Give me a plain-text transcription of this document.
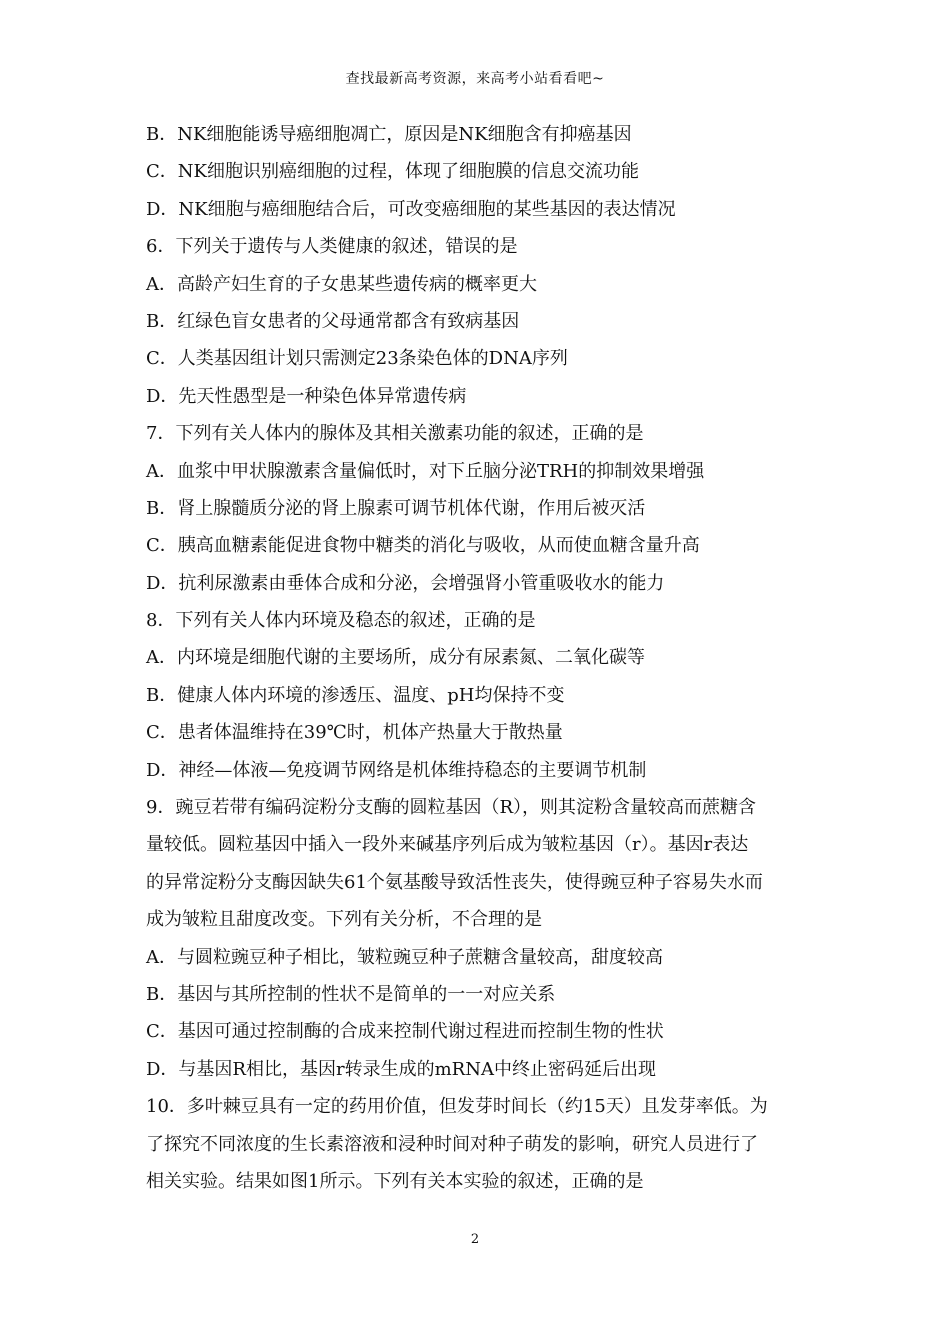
查找最新高考资源，来高考小站看看吧~
B．NK细胞能诱导癌细胞凋亡，原因是NK细胞含有抑癌基因
C．NK细胞识别癌细胞的过程，体现了细胞膜的信息交流功能
D．NK细胞与癌细胞结合后，可改变癌细胞的某些基因的表达情况
6．下列关于遗传与人类健康的叙述，错误的是
A．高龄产妇生育的子女患某些遗传病的概率更大
B．红绿色盲女患者的父母通常都含有致病基因
C．人类基因组计划只需测定23条染色体的DNA序列
D．先天性愚型是一种染色体异常遗传病
7．下列有关人体内的腺体及其相关激素功能的叙述，正确的是
A．血浆中甲状腺激素含量偏低时，对下丘脑分泌TRH的抑制效果增强
B．肾上腺髓质分泌的肾上腺素可调节机体代谢，作用后被灭活
C．胰高血糖素能促进食物中糖类的消化与吸收，从而使血糖含量升高
D．抗利尿激素由垂体合成和分泌，会增强肾小管重吸收水的能力
8．下列有关人体内环境及稳态的叙述，正确的是
A．内环境是细胞代谢的主要场所，成分有尿素氮、二氧化碳等
B．健康人体内环境的渗透压、温度、pH均保持不变
C．患者体温维持在39℃时，机体产热量大于散热量
D．神经—体液—免疫调节网络是机体维持稳态的主要调节机制
9．豌豆若带有编码淀粉分支酶的圆粒基因（R），则其淀粉含量较高而蔗糖含
量较低。圆粒基因中插入一段外来碱基序列后成为皱粒基因（r）。基因r表达
的异常淀粉分支酶因缺失61个氨基酸导致活性丧失，使得豌豆种子容易失水而
成为皱粒且甜度改变。下列有关分析，不合理的是
A．与圆粒豌豆种子相比，皱粒豌豆种子蔗糖含量较高，甜度较高
B．基因与其所控制的性状不是简单的一一对应关系
C．基因可通过控制酶的合成来控制代谢过程进而控制生物的性状
D．与基因R相比，基因r转录生成的mRNA中终止密码延后出现
10．多叶棘豆具有一定的药用价值，但发芽时间长（约15天）且发芽率低。为
了探究不同浓度的生长素溶液和浸种时间对种子萌发的影响，研究人员进行了
相关实验。结果如图1所示。下列有关本实验的叙述，正确的是
2
